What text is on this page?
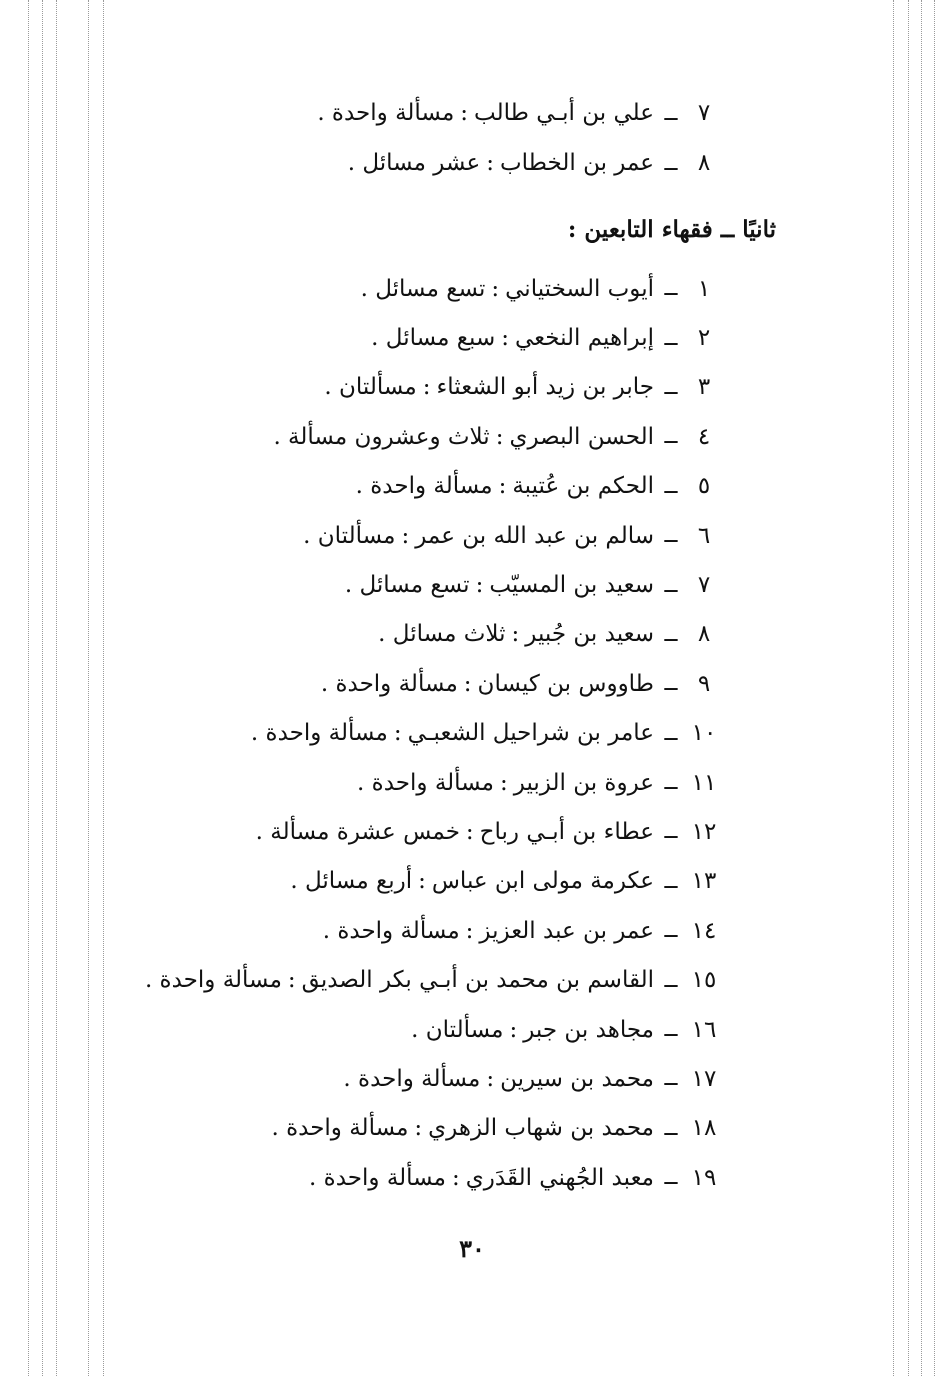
علي بن أبـي طالب:مسألة واحدة .	ــ ٧
عمر بن الخطاب:عشر مسائل .	ــ ٨
ثانيًا ــ فقهاء التابعين :
أيوب السختياني:تسع مسائل .	ــ ١
إبراهيم النخعي:سبع مسائل .	ــ ٢
جابر بن زيد أبو الشعثاء:مسألتان .	ــ ٣
الحسن البصري:ثلاث وعشرون مسألة .	ــ ٤
الحكم بن عُتيبة:مسألة واحدة .	ــ ٥
سالم بن عبد الله بن عمر:مسألتان .	ــ ٦
سعيد بن المسيّب:تسع مسائل .	ــ ٧
سعيد بن جُبير:ثلاث مسائل .	ــ ٨
طاووس بن كيسان:مسألة واحدة .	ــ ٩
عامر بن شراحيل الشعبـي:مسألة واحدة .	ــ ١٠
عروة بن الزبير:مسألة واحدة .	ــ ١١
عطاء بن أبـي رباح:خمس عشرة مسألة .	ــ ١٢
عكرمة مولى ابن عباس:أربع مسائل .	ــ ١٣
عمر بن عبد العزيز:مسألة واحدة .	ــ ١٤
القاسم بن محمد بن أبـي بكر الصديق:مسألة واحدة .	ــ ١٥
مجاهد بن جبر:مسألتان .	ــ ١٦
محمد بن سيرين:مسألة واحدة .	ــ ١٧
محمد بن شهاب الزهري:مسألة واحدة .	ــ ١٨
معبد الجُهني القَدَري:مسألة واحدة .	ــ ١٩
٣٠
